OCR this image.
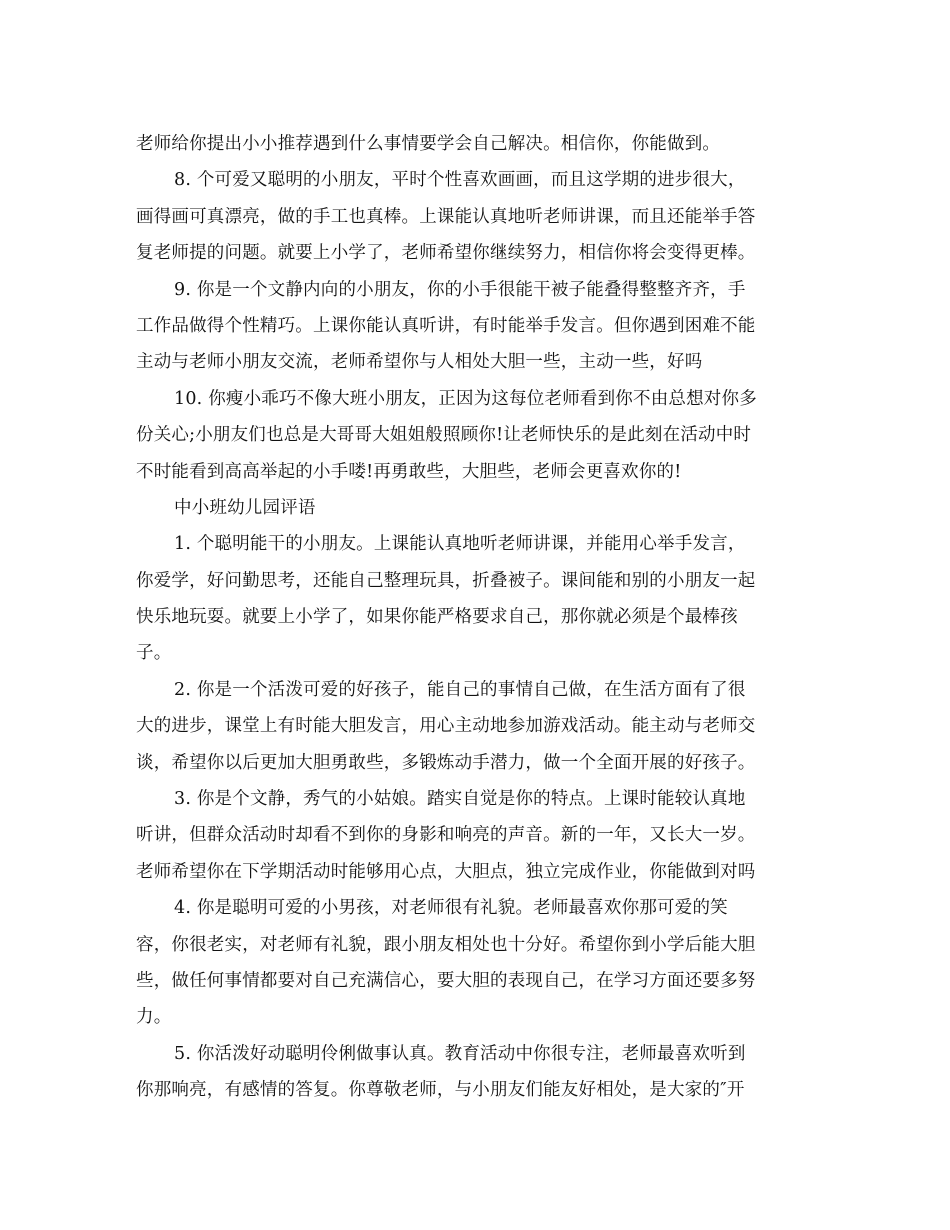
老师给你提出小小推荐遇到什么事情要学会自己解决。相信你，你能做到。
8. 个可爱又聪明的小朋友，平时个性喜欢画画，而且这学期的进步很大，
画得画可真漂亮，做的手工也真棒。上课能认真地听老师讲课，而且还能举手答
复老师提的问题。就要上小学了，老师希望你继续努力，相信你将会变得更棒。
9. 你是一个文静内向的小朋友，你的小手很能干被子能叠得整整齐齐，手
工作品做得个性精巧。上课你能认真听讲，有时能举手发言。但你遇到困难不能
主动与老师小朋友交流，老师希望你与人相处大胆一些，主动一些，好吗
10. 你瘦小乖巧不像大班小朋友，正因为这每位老师看到你不由总想对你多
份关心;小朋友们也总是大哥哥大姐姐般照顾你!让老师快乐的是此刻在活动中时
不时能看到高高举起的小手喽!再勇敢些，大胆些，老师会更喜欢你的!
中小班幼儿园评语
1. 个聪明能干的小朋友。上课能认真地听老师讲课，并能用心举手发言，
你爱学，好问勤思考，还能自己整理玩具，折叠被子。课间能和别的小朋友一起
快乐地玩耍。就要上小学了，如果你能严格要求自己，那你就必须是个最棒孩
子。
2. 你是一个活泼可爱的好孩子，能自己的事情自己做，在生活方面有了很
大的进步，课堂上有时能大胆发言，用心主动地参加游戏活动。能主动与老师交
谈，希望你以后更加大胆勇敢些，多锻炼动手潜力，做一个全面开展的好孩子。
3. 你是个文静，秀气的小姑娘。踏实自觉是你的特点。上课时能较认真地
听讲，但群众活动时却看不到你的身影和响亮的声音。新的一年，又长大一岁。
老师希望你在下学期活动时能够用心点，大胆点，独立完成作业，你能做到对吗
4. 你是聪明可爱的小男孩，对老师很有礼貌。老师最喜欢你那可爱的笑
容，你很老实，对老师有礼貌，跟小朋友相处也十分好。希望你到小学后能大胆
些，做任何事情都要对自己充满信心，要大胆的表现自己，在学习方面还要多努
力。
5. 你活泼好动聪明伶俐做事认真。教育活动中你很专注，老师最喜欢听到
你那响亮，有感情的答复。你尊敬老师，与小朋友们能友好相处，是大家的″开
